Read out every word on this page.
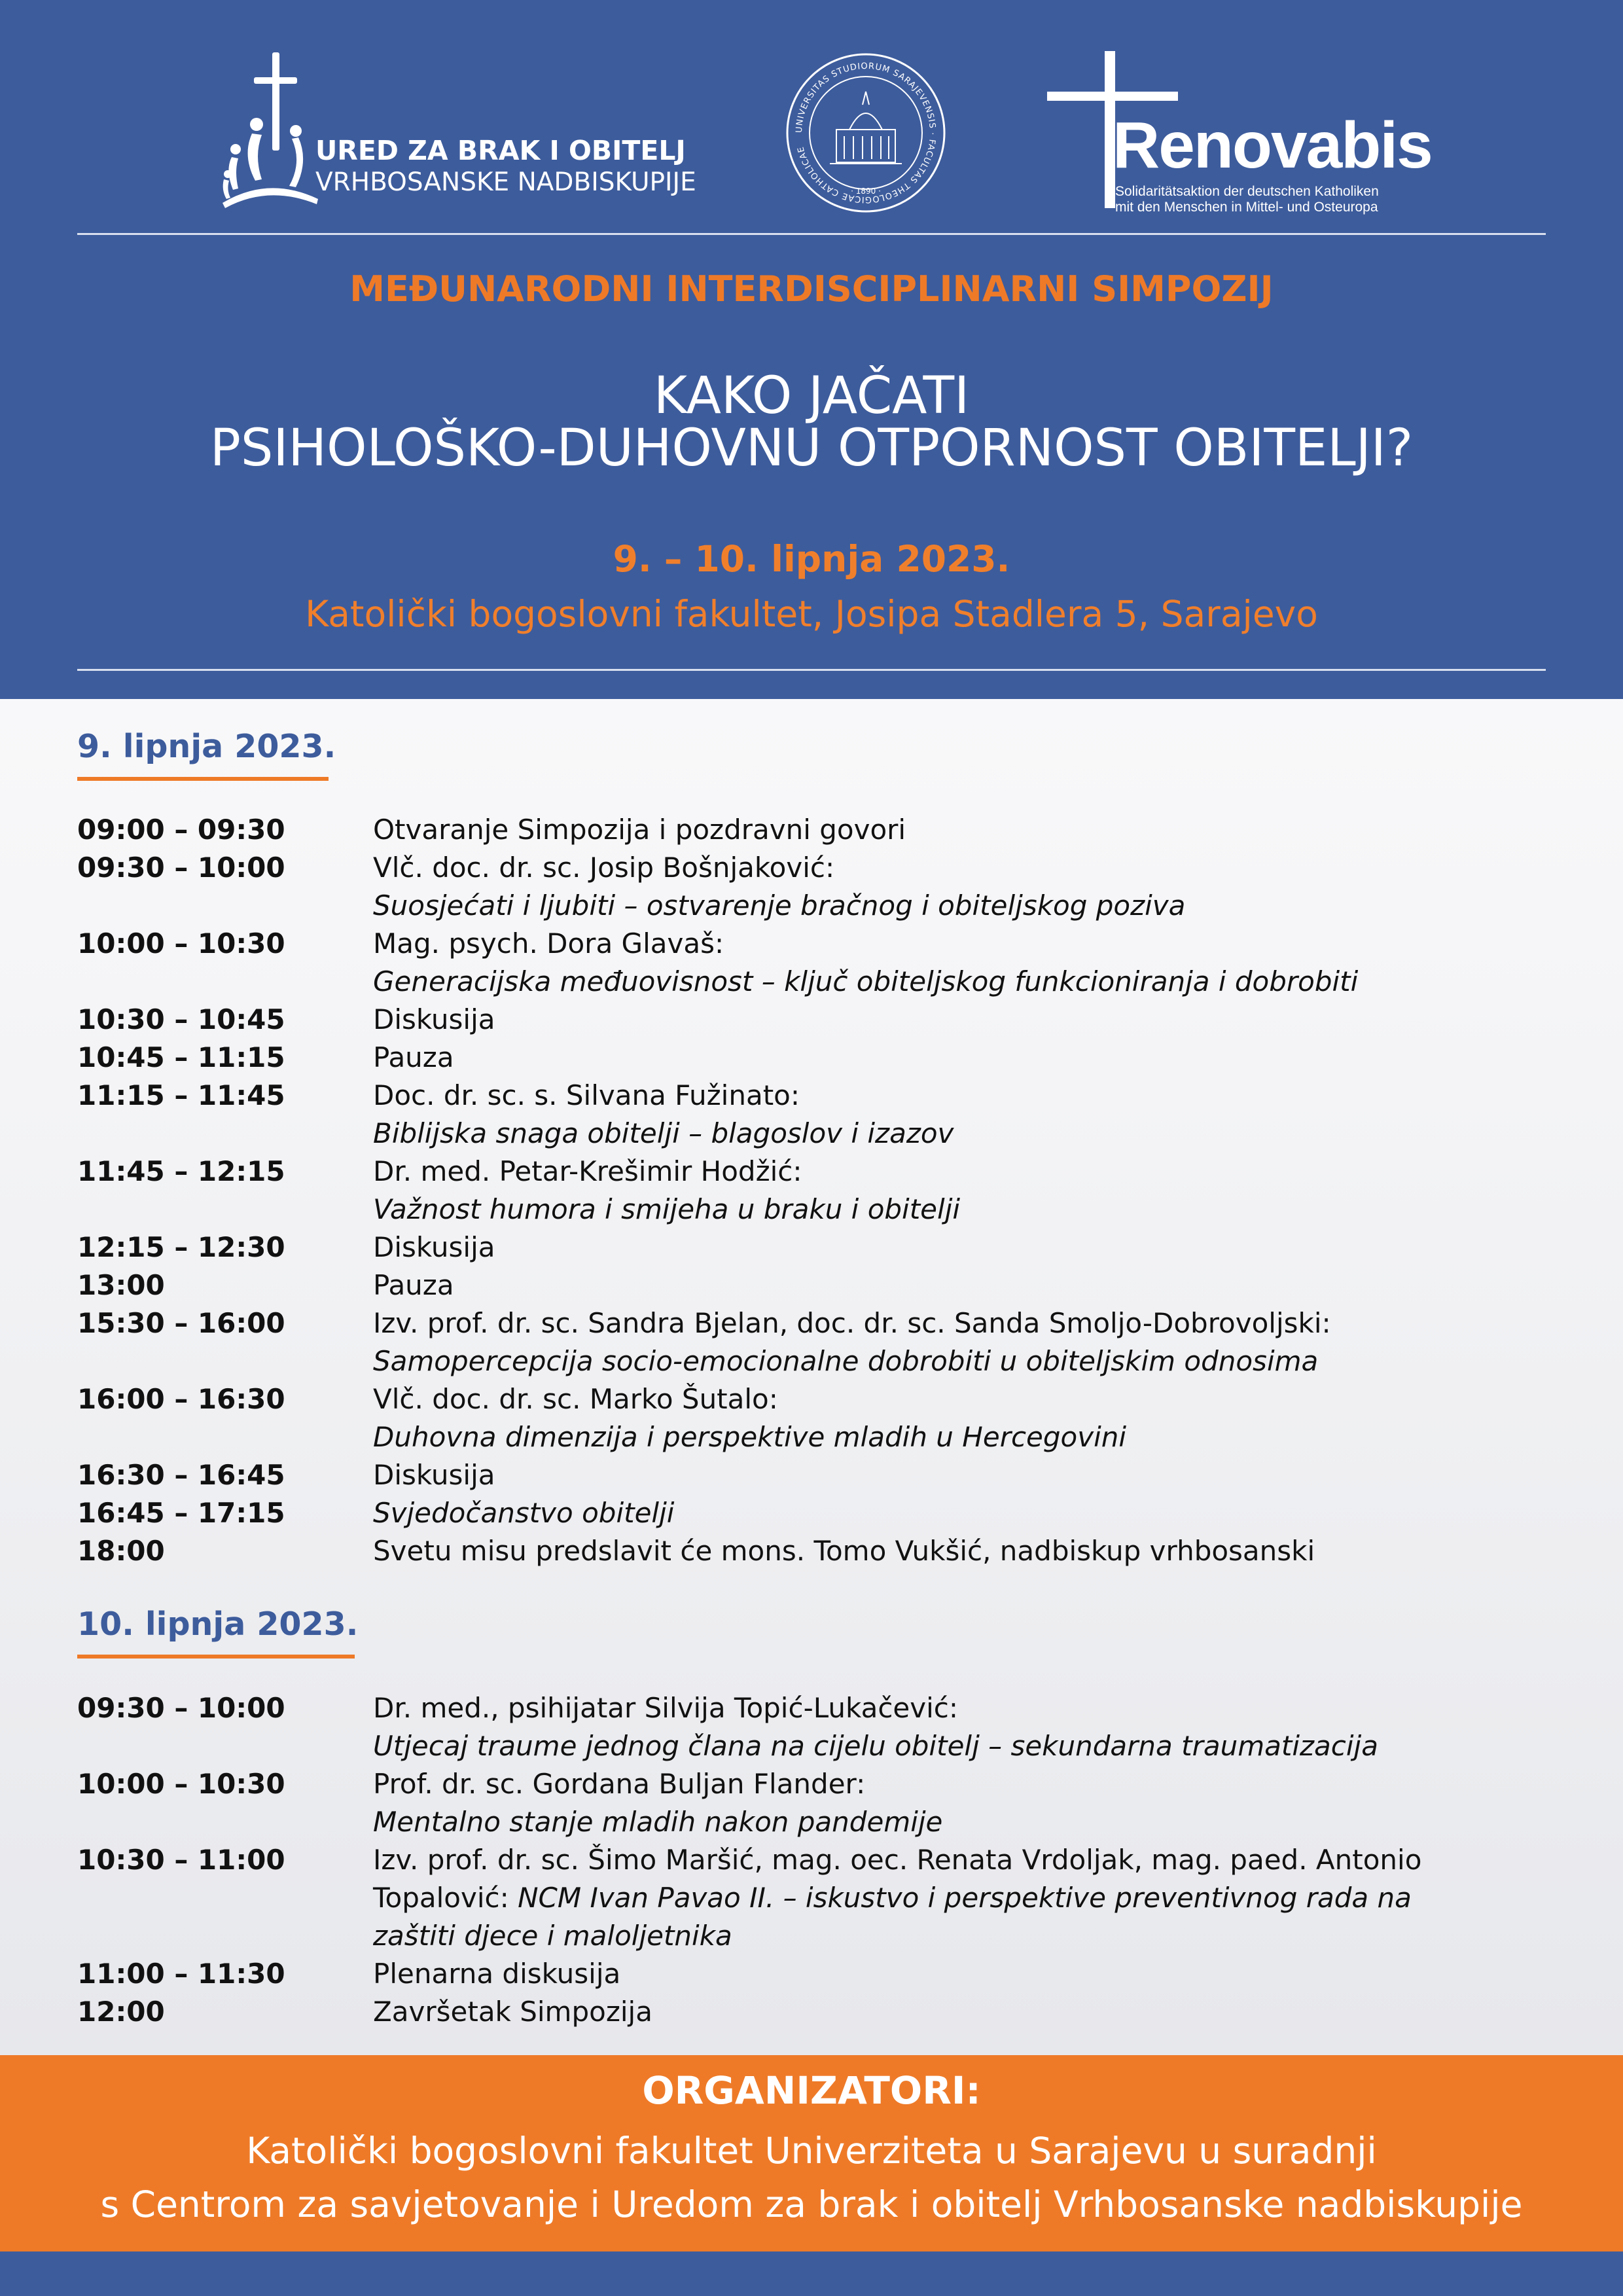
URED ZA BRAK I OBITELJ
VRHBOSANSKE NADBISKUPIJE
UNIVERSITAS STUDIORUM SARAJEVENSIS · FACULTAS THEOLOGICAE CATHOLICAE
· 1890 ·
Renovabis
Solidaritätsaktion der deutschen Katholiken
mit den Menschen in Mittel- und Osteuropa
MEĐUNARODNI INTERDISCIPLINARNI SIMPOZIJ
KAKO JAČATI
PSIHOLOŠKO-DUHOVNU OTPORNOST OBITELJI?
9. – 10. lipnja 2023.
Katolički bogoslovni fakultet, Josipa Stadlera 5, Sarajevo
9. lipnja 2023.
09:00 – 09:30	Otvaranje Simpozija i pozdravni govori
09:30 – 10:00	Vlč. doc. dr. sc. Josip Bošnjaković:
Suosjećati i ljubiti – ostvarenje bračnog i obiteljskog poziva
10:00 – 10:30	Mag. psych. Dora Glavaš:
Generacijska međuovisnost – ključ obiteljskog funkcioniranja i dobrobiti
10:30 – 10:45	Diskusija
10:45 – 11:15	Pauza
11:15 – 11:45	Doc. dr. sc. s. Silvana Fužinato:
Biblijska snaga obitelji – blagoslov i izazov
11:45 – 12:15	Dr. med. Petar-Krešimir Hodžić:
Važnost humora i smijeha u braku i obitelji
12:15 – 12:30	Diskusija
13:00	Pauza
15:30 – 16:00	Izv. prof. dr. sc. Sandra Bjelan, doc. dr. sc. Sanda Smoljo-Dobrovoljski:
Samopercepcija socio-emocionalne dobrobiti u obiteljskim odnosima
16:00 – 16:30	Vlč. doc. dr. sc. Marko Šutalo:
Duhovna dimenzija i perspektive mladih u Hercegovini
16:30 – 16:45	Diskusija
16:45 – 17:15	Svjedočanstvo obitelji
18:00	Svetu misu predslavit će mons. Tomo Vukšić, nadbiskup vrhbosanski
10. lipnja 2023.
09:30 – 10:00	Dr. med., psihijatar Silvija Topić-Lukačević:
Utjecaj traume jednog člana na cijelu obitelj – sekundarna traumatizacija
10:00 – 10:30	Prof. dr. sc. Gordana Buljan Flander:
Mentalno stanje mladih nakon pandemije
10:30 – 11:00	Izv. prof. dr. sc. Šimo Maršić, mag. oec. Renata Vrdoljak, mag. paed. Antonio
Topalović: NCM Ivan Pavao II. – iskustvo i perspektive preventivnog rada na
zaštiti djece i maloljetnika
11:00 – 11:30	Plenarna diskusija
12:00	Završetak Simpozija
ORGANIZATORI:
Katolički bogoslovni fakultet Univerziteta u Sarajevu u suradnji
s Centrom za savjetovanje i Uredom za brak i obitelj Vrhbosanske nadbiskupije
